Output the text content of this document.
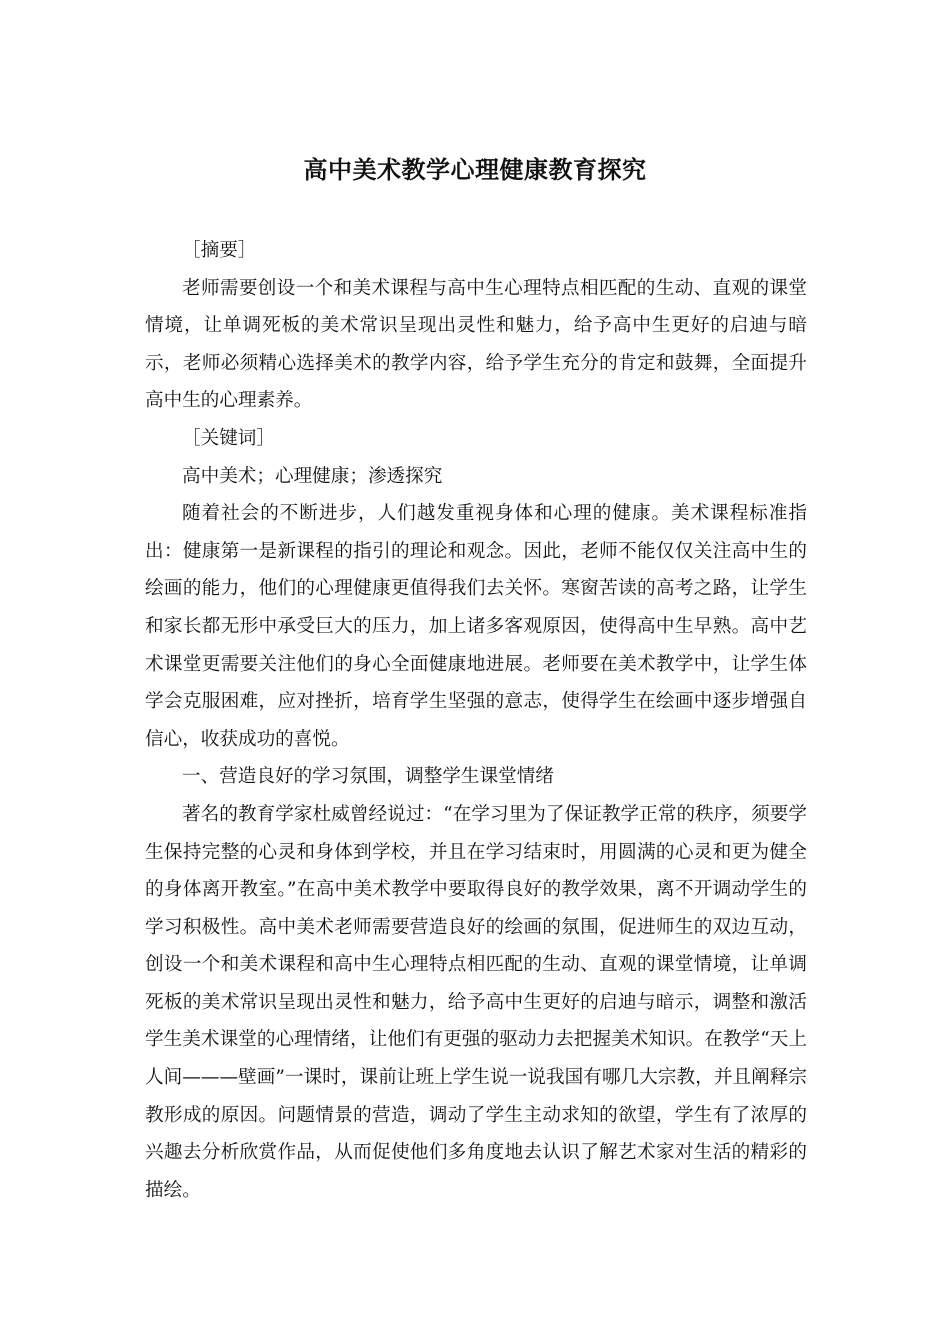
高中美术教学心理健康教育探究

［摘要］

老师需要创设一个和美术课程与高中生心理特点相匹配的生动、直观的课堂情境，让单调死板的美术常识呈现出灵性和魅力，给予高中生更好的启迪与暗示，老师必须精心选择美术的教学内容，给予学生充分的肯定和鼓舞，全面提升高中生的心理素养。

［关键词］

高中美术；心理健康；渗透探究

随着社会的不断进步，人们越发重视身体和心理的健康。美术课程标准指出：健康第一是新课程的指引的理论和观念。因此，老师不能仅仅关注高中生的绘画的能力，他们的心理健康更值得我们去关怀。寒窗苦读的高考之路，让学生和家长都无形中承受巨大的压力，加上诸多客观原因，使得高中生早熟。高中艺术课堂更需要关注他们的身心全面健康地进展。老师要在美术教学中，让学生体学会克服困难，应对挫折，培育学生坚强的意志，使得学生在绘画中逐步增强自信心，收获成功的喜悦。

一、营造良好的学习氛围，调整学生课堂情绪

著名的教育学家杜威曾经说过：“在学习里为了保证教学正常的秩序，须要学生保持完整的心灵和身体到学校，并且在学习结束时，用圆满的心灵和更为健全的身体离开教室。”在高中美术教学中要取得良好的教学效果，离不开调动学生的学习积极性。高中美术老师需要营造良好的绘画的氛围，促进师生的双边互动，创设一个和美术课程和高中生心理特点相匹配的生动、直观的课堂情境，让单调死板的美术常识呈现出灵性和魅力，给予高中生更好的启迪与暗示，调整和激活学生美术课堂的心理情绪，让他们有更强的驱动力去把握美术知识。在教学“天上人间———壁画”一课时，课前让班上学生说一说我国有哪几大宗教，并且阐释宗教形成的原因。问题情景的营造，调动了学生主动求知的欲望，学生有了浓厚的兴趣去分析欣赏作品，从而促使他们多角度地去认识了解艺术家对生活的精彩的描绘。
